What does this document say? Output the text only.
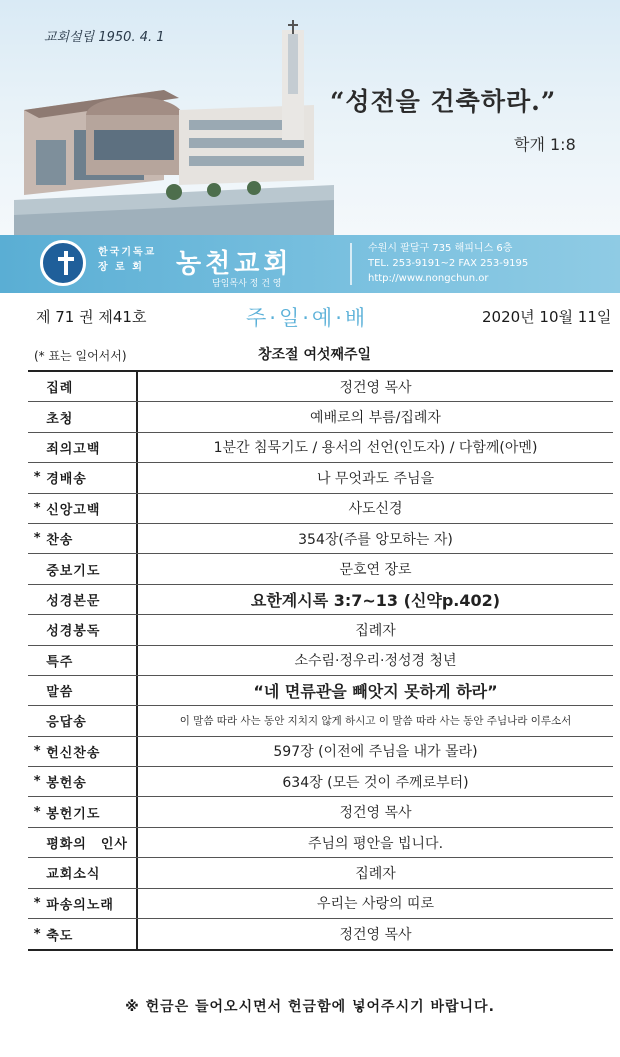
교회설립 1950. 4. 1
“성전을 건축하라.”
학개 1:8
한국기독교
장 로 회	농천교회
담임목사 정 건 영
수원시 팔달구 735 해피니스 6층
TEL. 253-9191~2 FAX 253-9195
http://www.nongchun.or
제 71 권 제41호	주·일·예·배	2020년 10월 11일
(* 표는 일어서서)	창조절 여섯째주일
집례	정건영 목사
초청	예배로의 부름/집례자
죄의고백	1분간 침묵기도 / 용서의 선언(인도자) / 다함께(아멘)
* 경배송	나 무엇과도 주님을
* 신앙고백	사도신경
* 찬송	354장(주를 앙모하는 자)
중보기도	문호연 장로
성경본문	요한계시록 3:7~13 (신약p.402)
성경봉독	집례자
특주	소수림·정우리·정성경 청년
말씀	“네 면류관을 빼앗지 못하게 하라”
응답송	이 말씀 따라 사는 동안 지치지 않게 하시고 이 말씀 따라 사는 동안 주님나라 이루소서
* 헌신찬송	597장 (이전에 주님을 내가 몰라)
* 봉헌송	634장 (모든 것이 주께로부터)
* 봉헌기도	정건영 목사
평화의 인사	주님의 평안을 빕니다.
교회소식	집례자
* 파송의노래	우리는 사랑의 띠로
* 축도	정건영 목사
※ 헌금은 들어오시면서 헌금함에 넣어주시기 바랍니다.
